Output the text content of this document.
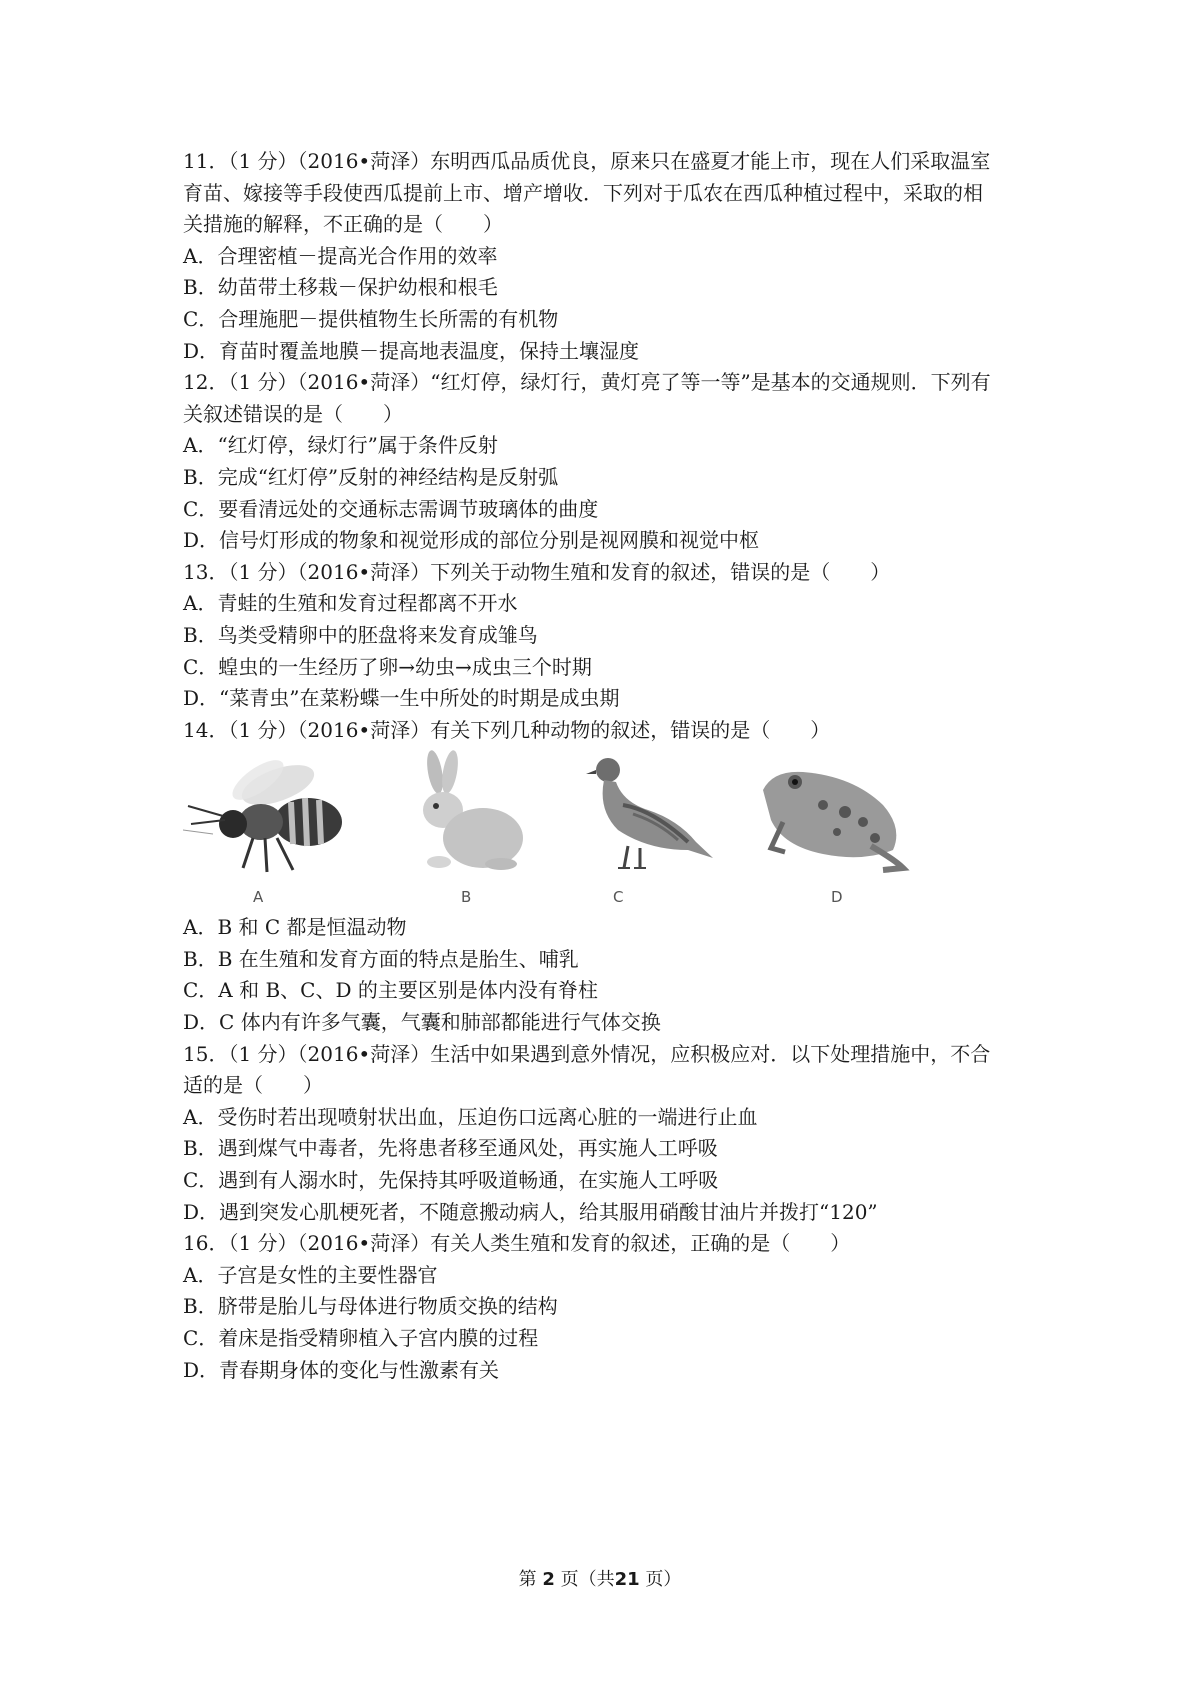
11．（1 分）（2016•菏泽）东明西瓜品质优良，原来只在盛夏才能上市，现在人们采取温室
育苗、嫁接等手段使西瓜提前上市、增产增收．下列对于瓜农在西瓜种植过程中，采取的相
关措施的解释，不正确的是（　　）
A．合理密植－提高光合作用的效率
B．幼苗带土移栽－保护幼根和根毛
C．合理施肥－提供植物生长所需的有机物
D．育苗时覆盖地膜－提高地表温度，保持土壤湿度
12．（1 分）（2016•菏泽）“红灯停，绿灯行，黄灯亮了等一等”是基本的交通规则．下列有
关叙述错误的是（　　）
A．“红灯停，绿灯行”属于条件反射
B．完成“红灯停”反射的神经结构是反射弧
C．要看清远处的交通标志需调节玻璃体的曲度
D．信号灯形成的物象和视觉形成的部位分别是视网膜和视觉中枢
13．（1 分）（2016•菏泽）下列关于动物生殖和发育的叙述，错误的是（　　）
A．青蛙的生殖和发育过程都离不开水
B．鸟类受精卵中的胚盘将来发育成雏鸟
C．蝗虫的一生经历了卵→幼虫→成虫三个时期
D．“菜青虫”在菜粉蝶一生中所处的时期是成虫期
14．（1 分）（2016•菏泽）有关下列几种动物的叙述，错误的是（　　）
A	B	C	D
A．B 和 C 都是恒温动物
B．B 在生殖和发育方面的特点是胎生、哺乳
C．A 和 B、C、D 的主要区别是体内没有脊柱
D．C 体内有许多气囊，气囊和肺部都能进行气体交换
15．（1 分）（2016•菏泽）生活中如果遇到意外情况，应积极应对．以下处理措施中，不合
适的是（　　）
A．受伤时若出现喷射状出血，压迫伤口远离心脏的一端进行止血
B．遇到煤气中毒者，先将患者移至通风处，再实施人工呼吸
C．遇到有人溺水时，先保持其呼吸道畅通，在实施人工呼吸
D．遇到突发心肌梗死者，不随意搬动病人，给其服用硝酸甘油片并拨打“120”
16．（1 分）（2016•菏泽）有关人类生殖和发育的叙述，正确的是（　　）
A．子宫是女性的主要性器官
B．脐带是胎儿与母体进行物质交换的结构
C．着床是指受精卵植入子宫内膜的过程
D．青春期身体的变化与性激素有关
第 2 页（共21 页）
